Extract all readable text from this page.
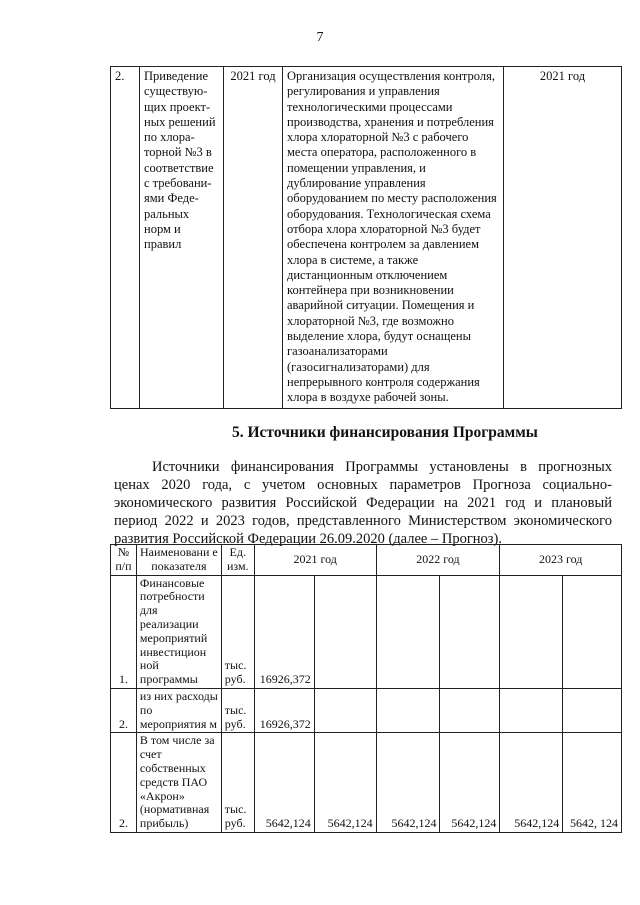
7
2.	Приведение существую-щих проект-ных решений по хлора-торной №3 в соответствие с требовани-ями Феде-ральных норм и правил	2021 год	Организация осуществления контроля, регулирования и управления технологическими процессами производства, хранения и потребления хлора хлораторной №3 с рабочего места оператора, расположенного в помещении управления, и дублирование управления оборудованием по месту расположения оборудования. Технологическая схема отбора хлора хлораторной №3 будет обеспечена контролем за давлением хлора в системе, а также дистанционным отключением контейнера при возникновении аварийной ситуации. Помещения и хлораторной №3, где возможно выделение хлора, будут оснащены газоанализаторами (газосигнализаторами) для непрерывного контроля содержания хлора в воздухе рабочей зоны.	2021 год
5. Источники финансирования Программы
Источники финансирования Программы установлены в прогнозных ценах 2020 года, с учетом основных параметров Прогноза социально-экономического развития Российской Федерации на 2021 год и плановый период 2022 и 2023 годов, представленного Министерством экономического развития Российской Федерации 26.09.2020 (далее – Прогноз).
№ п/п	Наименовани е показателя	Ед. изм.	2021 год		2022 год		2023 год	
1.	Финансовые потребности для реализации мероприятий инвестицион ной программы	тыс. руб.	16926,372					
2.	из них расходы по мероприятия м	тыс. руб.	16926,372					
2.	В том числе за счет собственных средств ПАО «Акрон» (нормативная прибыль)	тыс. руб.	5642,124	5642,124	5642,124	5642,124	5642,124	5642, 124
